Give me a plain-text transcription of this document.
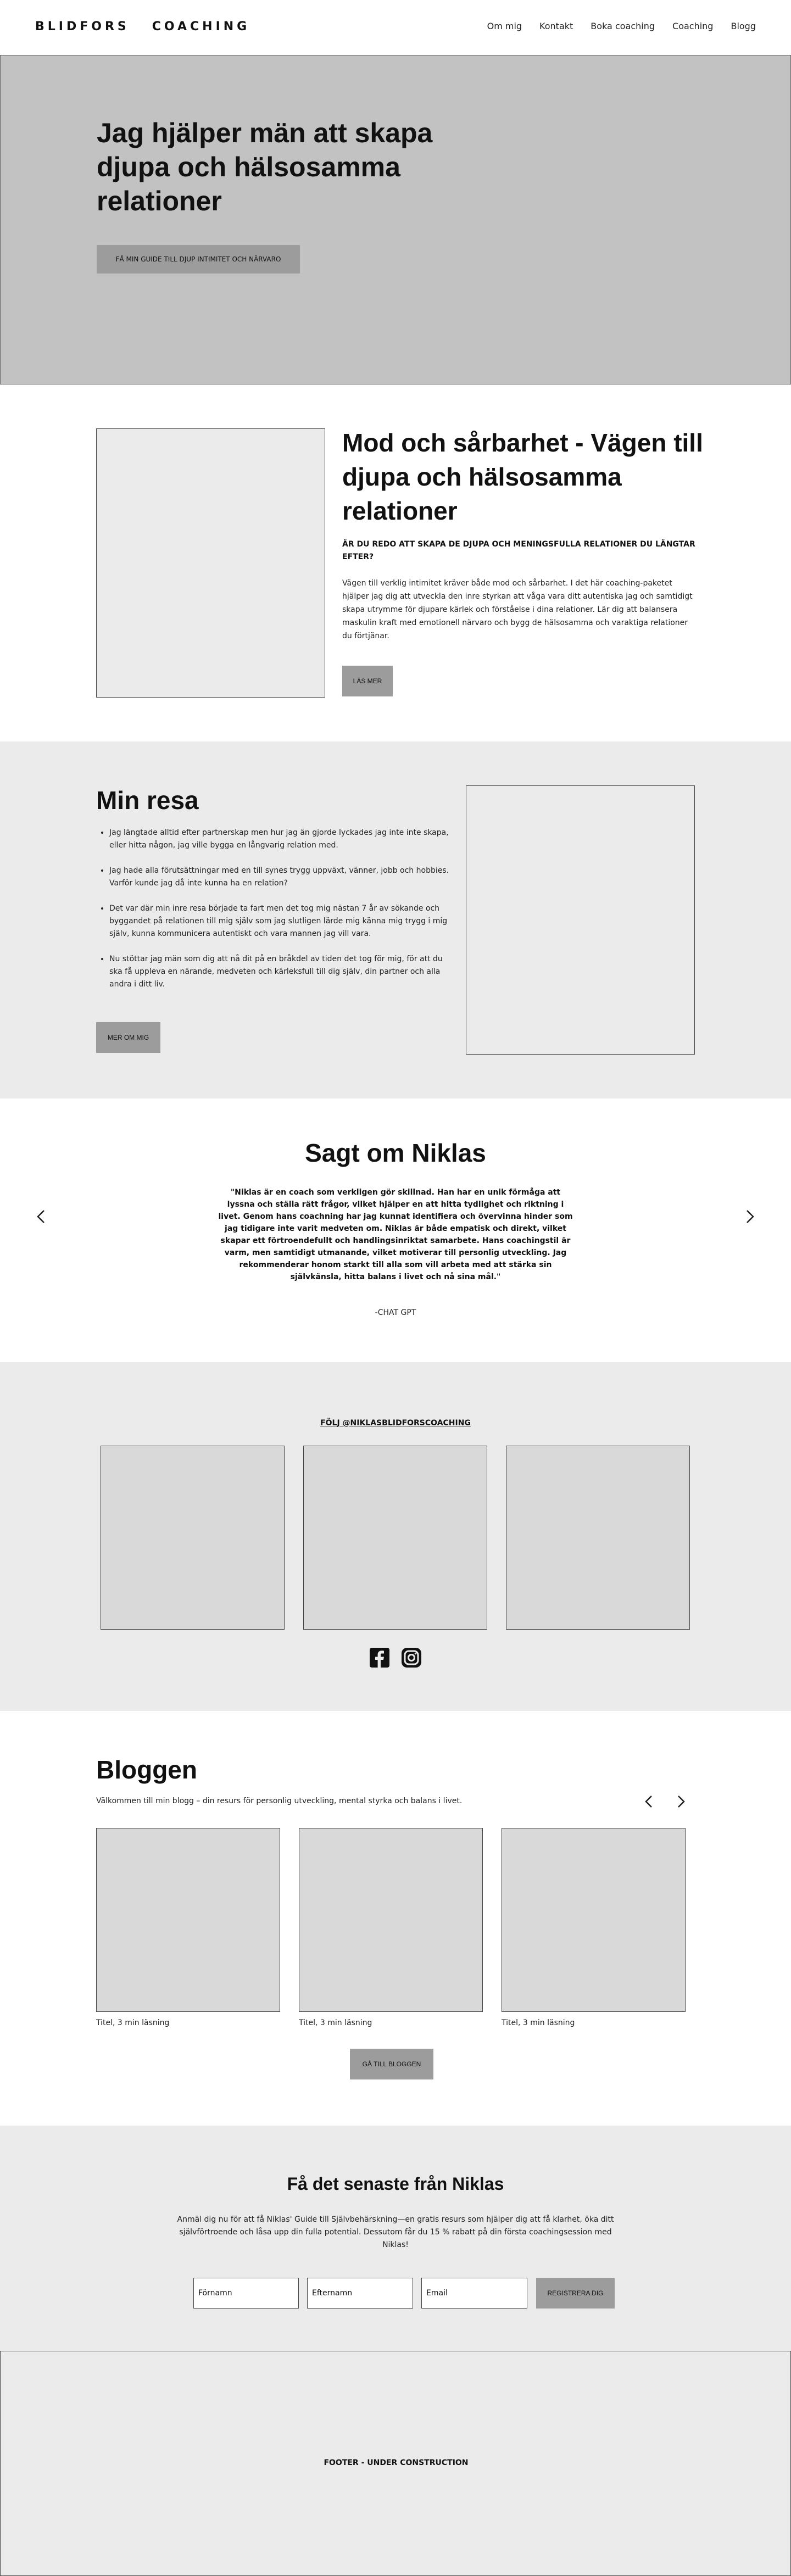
BLIDFORS   COACHING	Om mig Kontakt Boka coaching Coaching Blogg
Jag hjälper män att skapa djupa och hälsosamma relationer
FÅ MIN GUIDE TILL DJUP INTIMITET OCH NÄRVARO
Mod och sårbarhet - Vägen till djupa och hälsosamma relationer

ÄR DU REDO ATT SKAPA DE DJUPA OCH MENINGSFULLA RELATIONER DU LÄNGTAR EFTER?

Vägen till verklig intimitet kräver både mod och sårbarhet. I det här coaching-paketet hjälper jag dig att utveckla den inre styrkan att våga vara ditt autentiska jag och samtidigt skapa utrymme för djupare kärlek och förståelse i dina relationer. Lär dig att balansera maskulin kraft med emotionell närvaro och bygg de hälsosamma och varaktiga relationer du förtjänar.

LÄS MER
Min resa
• Jag längtade alltid efter partnerskap men hur jag än gjorde lyckades jag inte inte skapa, eller hitta någon, jag ville bygga en långvarig relation med.
• Jag hade alla förutsättningar med en till synes trygg uppväxt, vänner, jobb och hobbies. Varför kunde jag då inte kunna ha en relation?
• Det var där min inre resa började ta fart men det tog mig nästan 7 år av sökande och byggandet på relationen till mig själv som jag slutligen lärde mig känna mig trygg i mig själv, kunna kommunicera autentiskt och vara mannen jag vill vara.
• Nu stöttar jag män som dig att nå dit på en bråkdel av tiden det tog för mig, för att du ska få uppleva en närande, medveten och kärleksfull till dig själv, din partner och alla andra i ditt liv.
MER OM MIG
Sagt om Niklas

"Niklas är en coach som verkligen gör skillnad. Han har en unik förmåga att lyssna och ställa rätt frågor, vilket hjälper en att hitta tydlighet och riktning i livet. Genom hans coachning har jag kunnat identifiera och övervinna hinder som jag tidigare inte varit medveten om. Niklas är både empatisk och direkt, vilket skapar ett förtroendefullt och handlingsinriktat samarbete. Hans coachingstil är varm, men samtidigt utmanande, vilket motiverar till personlig utveckling. Jag rekommenderar honom starkt till alla som vill arbeta med att stärka sin självkänsla, hitta balans i livet och nå sina mål."

-CHAT GPT

FÖLJ @NIKLASBLIDFORSCOACHING
Bloggen

Välkommen till min blogg – din resurs för personlig utveckling, mental styrka och balans i livet.

Titel, 3 min läsning	Titel, 3 min läsning	Titel, 3 min läsning
GÅ TILL BLOGGEN
Få det senaste från Niklas

Anmäl dig nu för att få Niklas' Guide till Självbehärskning—en gratis resurs som hjälper dig att få klarhet, öka ditt självförtroende och låsa upp din fulla potential. Dessutom får du 15 % rabatt på din första coachingsession med Niklas!

Förnamn
Efternamn
Email
REGISTRERA DIG

FOOTER - UNDER CONSTRUCTION
